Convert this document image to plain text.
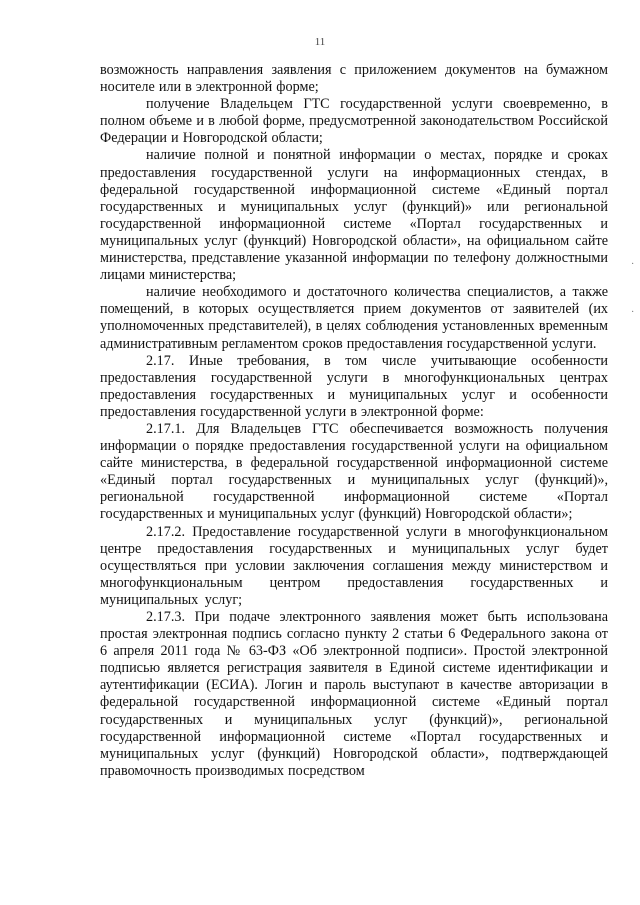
11
·
·

возможность направления заявления с приложением документов на бумажном носителе или в электронной форме;

получение Владельцем ГТС государственной услуги своевременно, в полном объеме и в любой форме, предусмотренной законодательством Российской Федерации и Новгородской области;

наличие полной и понятной информации о местах, порядке и сроках предоставления государственной услуги на информационных стендах, в федеральной государственной информационной системе «Единый портал государственных и муниципальных услуг (функций)» или региональной государственной информационной системе «Портал государственных и муниципальных услуг (функций) Новгородской области», на официальном сайте министерства, представление указанной информации по телефону должностными лицами министерства;

наличие необходимого и достаточного количества специалистов, а также помещений, в которых осуществляется прием документов от заявителей (их уполномоченных представителей), в целях соблюдения установленных временным административным регламентом сроков предоставления государственной услуги.

2.17. Иные требования, в том числе учитывающие особенности предоставления государственной услуги в многофункциональных центрах предоставления государственных и муниципальных услуг и особенности предоставления государственной услуги в электронной форме:

2.17.1. Для Владельцев ГТС обеспечивается возможность получения информации о порядке предоставления государственной услуги на официальном сайте министерства, в федеральной государственной информационной системе «Единый портал государственных и муниципальных услуг (функций)», региональной государственной информационной системе «Портал государственных и муниципальных услуг (функций) Новгородской области»;

2.17.2. Предоставление государственной услуги в многофункциональном центре предоставления государственных и муниципальных услуг будет осуществляться при условии заключения соглашения между министерством и многофункциональным центром предоставления государственных и муниципальных услуг;

2.17.3. При подаче электронного заявления может быть использована простая электронная подпись согласно пункту 2 статьи 6 Федерального закона от 6 апреля 2011 года № 63-ФЗ «Об электронной подписи». Простой электронной подписью является регистрация заявителя в Единой системе идентификации и аутентификации (ЕСИА). Логин и пароль выступают в качестве авторизации в федеральной государственной информационной системе «Единый портал государственных и муниципальных услуг (функций)», региональной государственной информационной системе «Портал государственных и муниципальных услуг (функций) Новгородской области», подтверждающей правомочность производимых посредством
